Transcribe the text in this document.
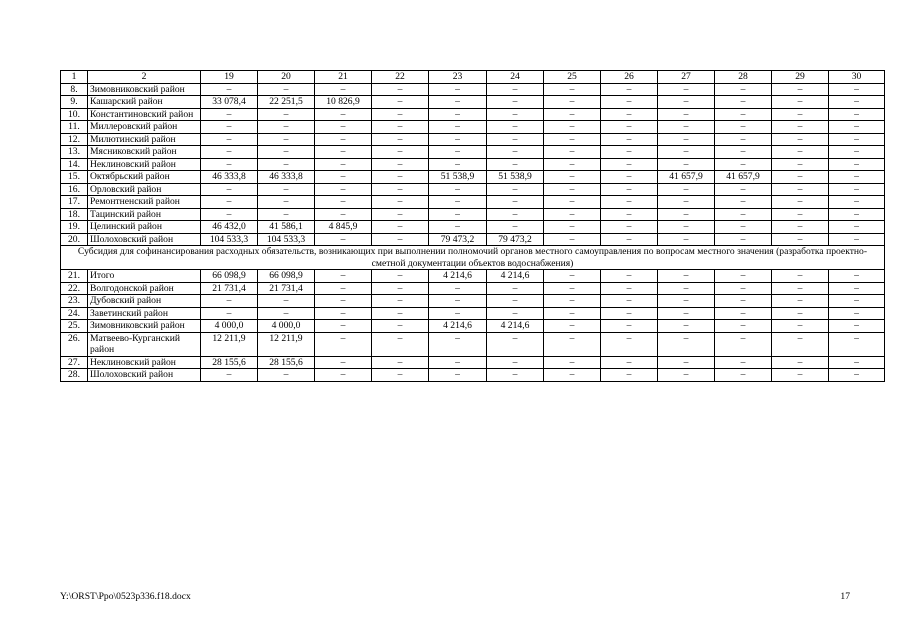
1	2	19	20	21	22	23	24	25	26	27	28	29	30
8.	Зимовниковский район	–	–	–	–	–	–	–	–	–	–	–	–
9.	Кашарский район	33 078,4	22 251,5	10 826,9	–	–	–	–	–	–	–	–	–
10.	Константиновский район	–	–	–	–	–	–	–	–	–	–	–	–
11.	Миллеровский район	–	–	–	–	–	–	–	–	–	–	–	–
12.	Милютинский район	–	–	–	–	–	–	–	–	–	–	–	–
13.	Мясниковский район	–	–	–	–	–	–	–	–	–	–	–	–
14.	Неклиновский район	–	–	–	–	–	–	–	–	–	–	–	–
15.	Октябрьский район	46 333,8	46 333,8	–	–	51 538,9	51 538,9	–	–	41 657,9	41 657,9	–	–
16.	Орловский район	–	–	–	–	–	–	–	–	–	–	–	–
17.	Ремонтненский район	–	–	–	–	–	–	–	–	–	–	–	–
18.	Тацинский район	–	–	–	–	–	–	–	–	–	–	–	–
19.	Целинский район	46 432,0	41 586,1	4 845,9	–	–	–	–	–	–	–	–	–
20.	Шолоховский район	104 533,3	104 533,3	–	–	79 473,2	79 473,2	–	–	–	–	–	–
Субсидия для софинансирования расходных обязательств, возникающих при выполнении полномочий органов местного самоуправления по вопросам местного значения (разработка проектно-сметной документации объектов водоснабжения)													
21.	Итого	66 098,9	66 098,9	–	–	4 214,6	4 214,6	–	–	–	–	–	–
22.	Волгодонской район	21 731,4	21 731,4	–	–	–	–	–	–	–	–	–	–
23.	Дубовский район	–	–	–	–	–	–	–	–	–	–	–	–
24.	Заветинский район	–	–	–	–	–	–	–	–	–	–	–	–
25.	Зимовниковский район	4 000,0	4 000,0	–	–	4 214,6	4 214,6	–	–	–	–	–	–
26.	Матвеево-Курганский район	12 211,9	12 211,9	–	–	–	–	–	–	–	–	–	–
27.	Неклиновский район	28 155,6	28 155,6	–	–	–	–	–	–	–	–	–	–
28.	Шолоховский район	–	–	–	–	–	–	–	–	–	–	–	–
Y:\ORST\Ppo\0523p336.f18.docx	17
